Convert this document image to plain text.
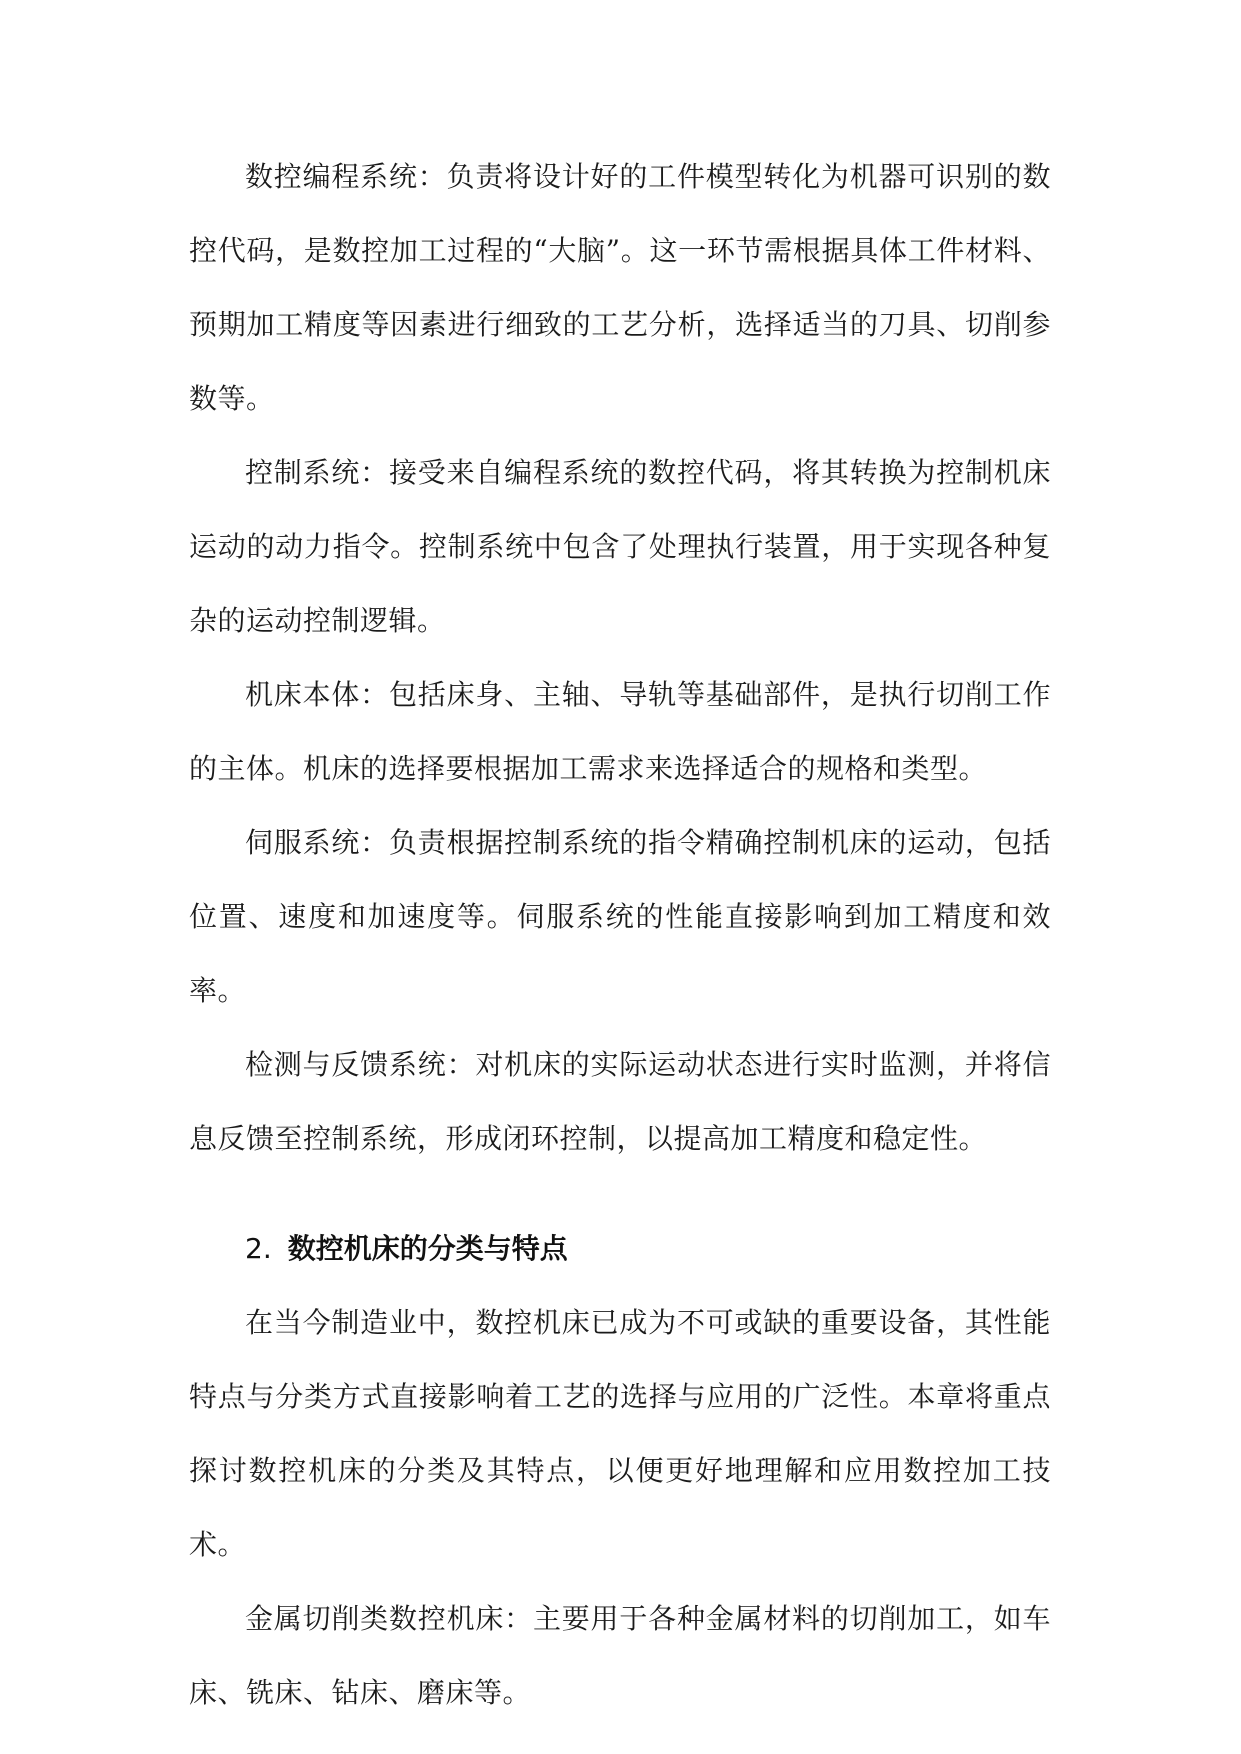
数控编程系统：负责将设计好的工件模型转化为机器可识别的数控代码，是数控加工过程的“大脑”。这一环节需根据具体工件材料、预期加工精度等因素进行细致的工艺分析，选择适当的刀具、切削参数等。

控制系统：接受来自编程系统的数控代码，将其转换为控制机床运动的动力指令。控制系统中包含了处理执行装置，用于实现各种复杂的运动控制逻辑。

机床本体：包括床身、主轴、导轨等基础部件，是执行切削工作的主体。机床的选择要根据加工需求来选择适合的规格和类型。

伺服系统：负责根据控制系统的指令精确控制机床的运动，包括位置、速度和加速度等。伺服系统的性能直接影响到加工精度和效率。

检测与反馈系统：对机床的实际运动状态进行实时监测，并将信息反馈至控制系统，形成闭环控制，以提高加工精度和稳定性。

2. 数控机床的分类与特点

在当今制造业中，数控机床已成为不可或缺的重要设备，其性能特点与分类方式直接影响着工艺的选择与应用的广泛性。本章将重点探讨数控机床的分类及其特点，以便更好地理解和应用数控加工技术。

金属切削类数控机床：主要用于各种金属材料的切削加工，如车床、铣床、钻床、磨床等。
